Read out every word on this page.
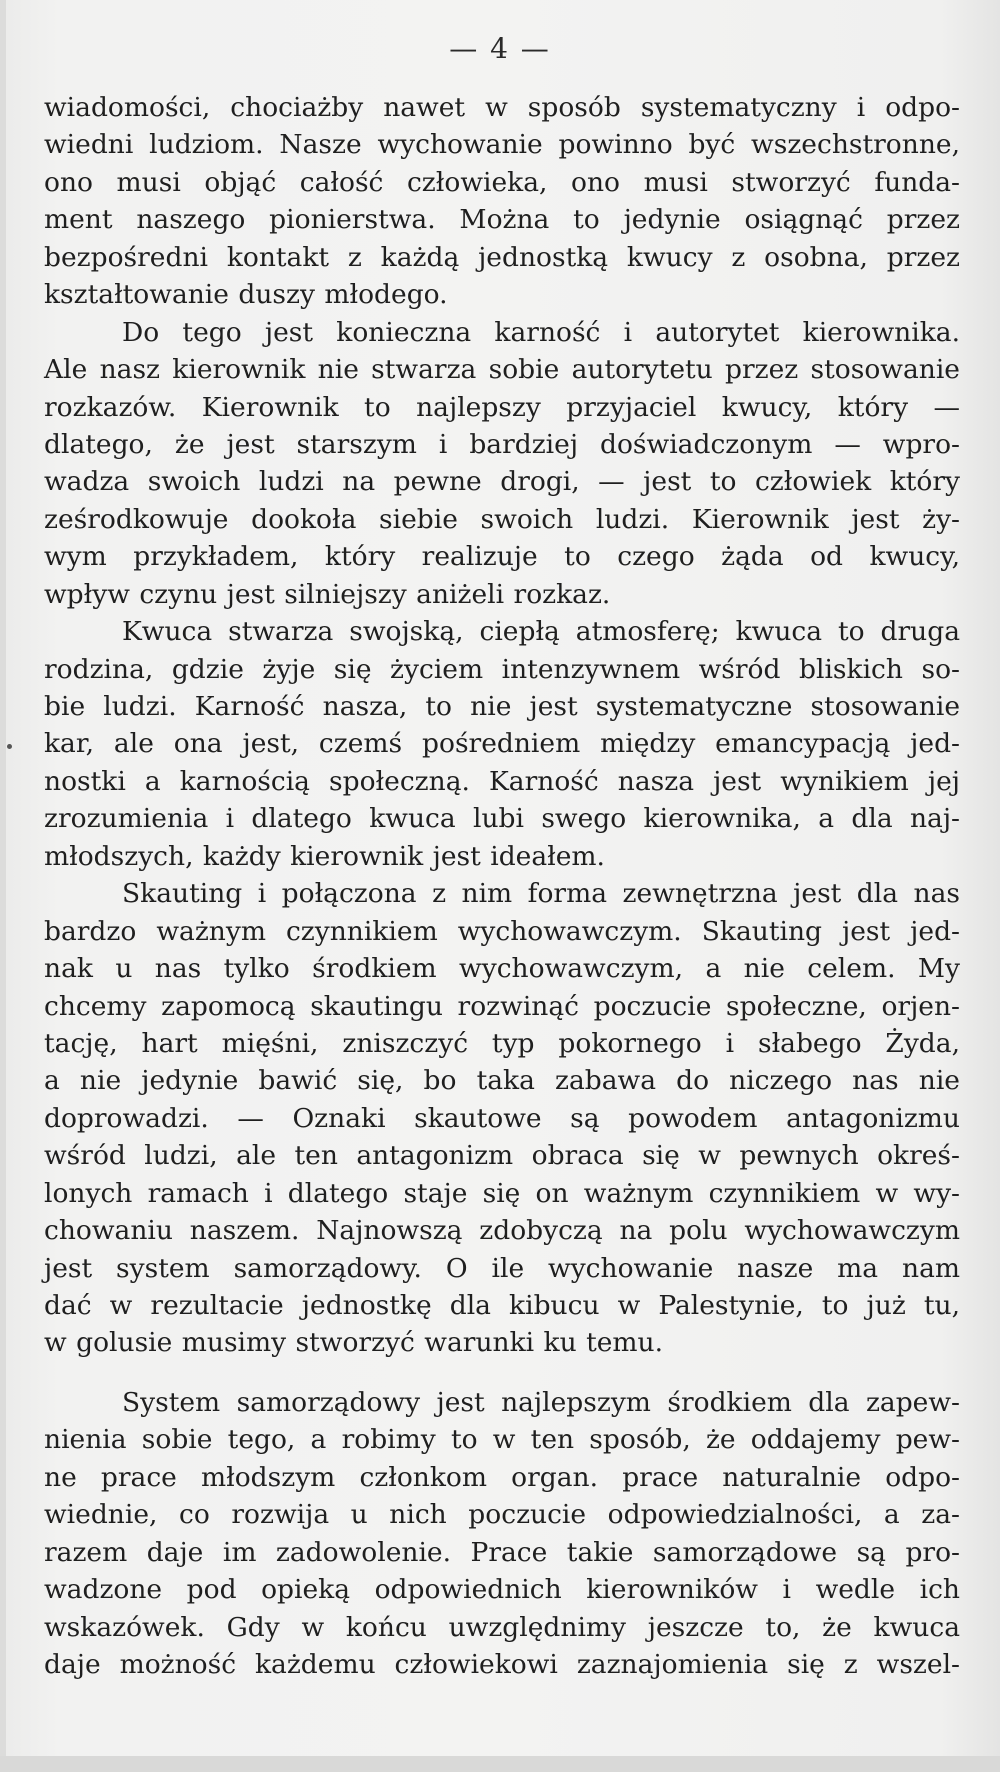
— 4 —
wiadomości, chociażby nawet w sposób systematyczny i odpo-
wiedni ludziom. Nasze wychowanie powinno być wszechstronne,
ono musi objąć całość człowieka, ono musi stworzyć funda-
ment naszego pionierstwa. Można to jedynie osiągnąć przez
bezpośredni kontakt z każdą jednostką kwucy z osobna, przez
kształtowanie duszy młodego.
Do tego jest konieczna karność i autorytet kierownika.
Ale nasz kierownik nie stwarza sobie autorytetu przez stosowanie
rozkazów. Kierownik to najlepszy przyjaciel kwucy, który —
dlatego, że jest starszym i bardziej doświadczonym — wpro-
wadza swoich ludzi na pewne drogi, — jest to człowiek który
ześrodkowuje dookoła siebie swoich ludzi. Kierownik jest ży-
wym przykładem, który realizuje to czego żąda od kwucy,
wpływ czynu jest silniejszy aniżeli rozkaz.
Kwuca stwarza swojską, ciepłą atmosferę; kwuca to druga
rodzina, gdzie żyje się życiem intenzywnem wśród bliskich so-
bie ludzi. Karność nasza, to nie jest systematyczne stosowanie
kar, ale ona jest, czemś pośredniem między emancypacją jed-
nostki a karnością społeczną. Karność nasza jest wynikiem jej
zrozumienia i dlatego kwuca lubi swego kierownika, a dla naj-
młodszych, każdy kierownik jest ideałem.
Skauting i połączona z nim forma zewnętrzna jest dla nas
bardzo ważnym czynnikiem wychowawczym. Skauting jest jed-
nak u nas tylko środkiem wychowawczym, a nie celem. My
chcemy zapomocą skautingu rozwinąć poczucie społeczne, orjen-
tację, hart mięśni, zniszczyć typ pokornego i słabego Żyda,
a nie jedynie bawić się, bo taka zabawa do niczego nas nie
doprowadzi. — Oznaki skautowe są powodem antagonizmu
wśród ludzi, ale ten antagonizm obraca się w pewnych okreś-
lonych ramach i dlatego staje się on ważnym czynnikiem w wy-
chowaniu naszem. Najnowszą zdobyczą na polu wychowawczym
jest system samorządowy. O ile wychowanie nasze ma nam
dać w rezultacie jednostkę dla kibucu w Palestynie, to już tu,
w golusie musimy stworzyć warunki ku temu.
System samorządowy jest najlepszym środkiem dla zapew-
nienia sobie tego, a robimy to w ten sposób, że oddajemy pew-
ne prace młodszym członkom organ. prace naturalnie odpo-
wiednie, co rozwija u nich poczucie odpowiedzialności, a za-
razem daje im zadowolenie. Prace takie samorządowe są pro-
wadzone pod opieką odpowiednich kierowników i wedle ich
wskazówek. Gdy w końcu uwzględnimy jeszcze to, że kwuca
daje możność każdemu człowiekowi zaznajomienia się z wszel-
